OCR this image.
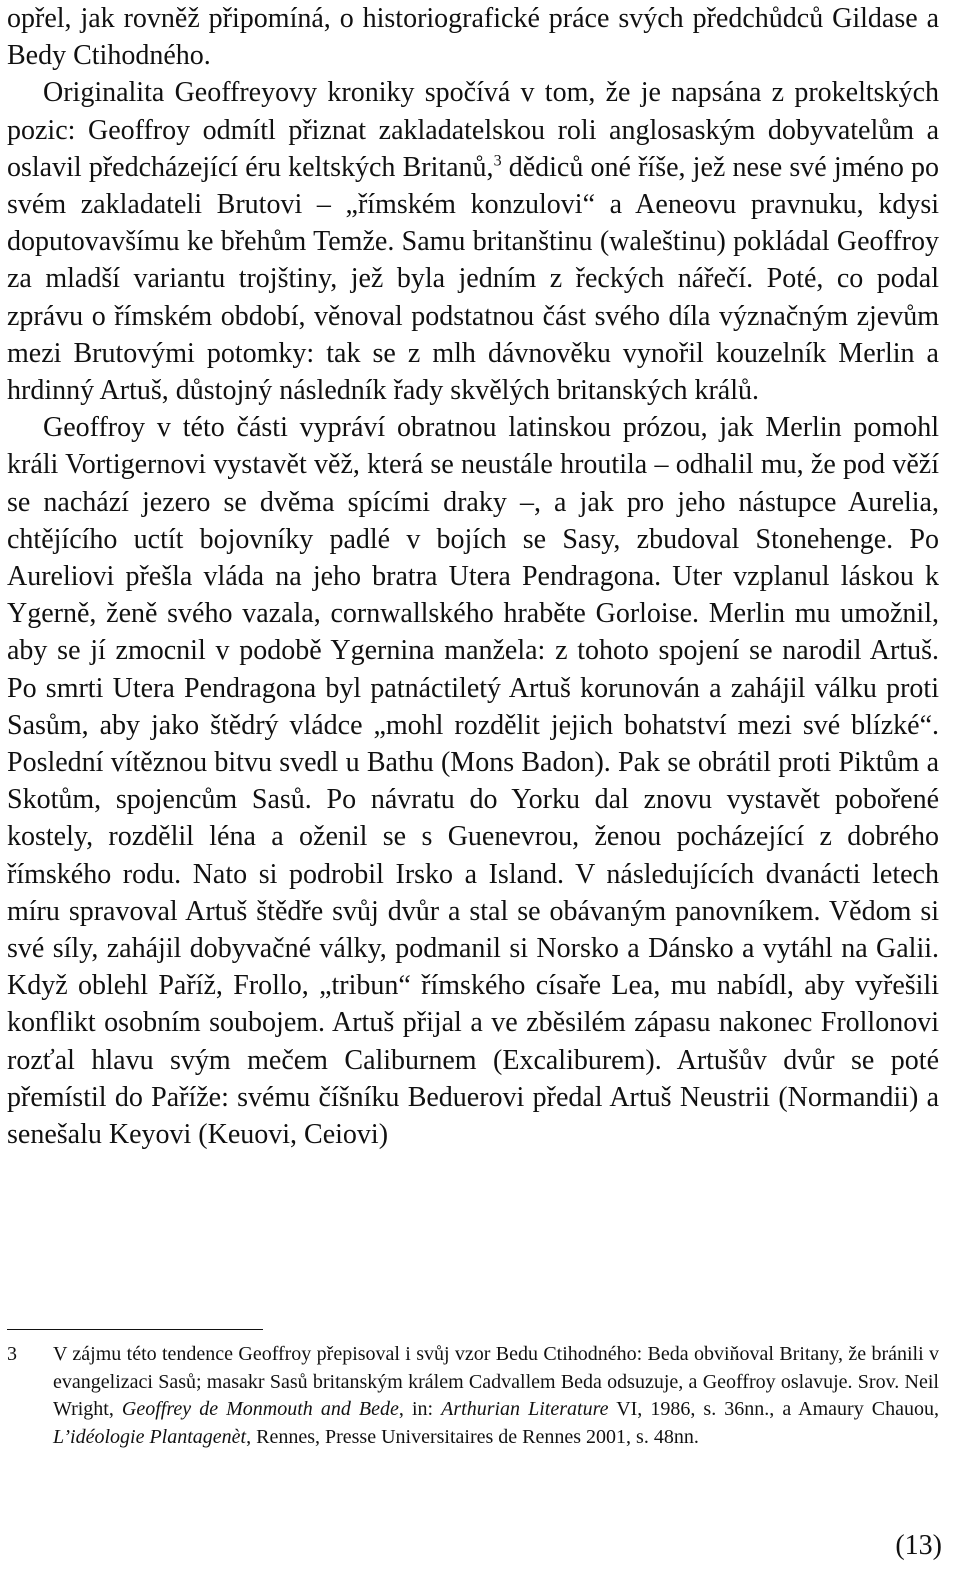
opřel, jak rovněž připomíná, o historiografické práce svých předchůdců Gildase a Bedy Ctihodného.

Originalita Geoffreyovy kroniky spočívá v tom, že je napsána z prokeltských pozic: Geoffroy odmítl přiznat zakladatelskou roli anglosaským dobyvatelům a oslavil předcházející éru keltských Britanů,$^3$ dědiců oné říše, jež nese své jméno po svém zakladateli Brutovi – „římském konzulovi“ a Aeneovu pravnuku, kdysi doputovavšímu ke břehům Temže. Samu britanštinu (waleštinu) pokládal Geoffroy za mladší variantu trojštiny, jež byla jedním z řeckých nářečí. Poté, co podal zprávu o římském období, věnoval podstatnou část svého díla význačným zjevům mezi Brutovými potomky: tak se z mlh dávnověku vynořil kouzelník Merlin a hrdinný Artuš, důstojný následník řady skvělých britanských králů.

Geoffroy v této části vypráví obratnou latinskou prózou, jak Merlin pomohl králi Vortigernovi vystavět věž, která se neustále hroutila – odhalil mu, že pod věží se nachází jezero se dvěma spícími draky –, a jak pro jeho nástupce Aurelia, chtějícího uctít bojovníky padlé v bojích se Sasy, zbudoval Stonehenge. Po Aureliovi přešla vláda na jeho bratra Utera Pendragona. Uter vzplanul láskou k Ygerně, ženě svého vazala, cornwallského hraběte Gorloise. Merlin mu umožnil, aby se jí zmocnil v podobě Ygernina manžela: z tohoto spojení se narodil Artuš. Po smrti Utera Pendragona byl patnáctiletý Artuš korunován a zahájil válku proti Sasům, aby jako štědrý vládce „mohl rozdělit jejich bohatství mezi své blízké“. Poslední vítěznou bitvu svedl u Bathu (Mons Badon). Pak se obrátil proti Piktům a Skotům, spojencům Sasů. Po návratu do Yorku dal znovu vystavět pobořené kostely, rozdělil léna a oženil se s Guenevrou, ženou pocházející z dobrého římského rodu. Nato si podrobil Irsko a Island. V následujících dvanácti letech míru spravoval Artuš štědře svůj dvůr a stal se obávaným panovníkem. Vědom si své síly, zahájil dobyvačné války, podmanil si Norsko a Dánsko a vytáhl na Galii. Když oblehl Paříž, Frollo, „tribun“ římského císaře Lea, mu nabídl, aby vyřešili konflikt osobním soubojem. Artuš přijal a ve zběsilém zápasu nakonec Frollonovi rozťal hlavu svým mečem Caliburnem (Excaliburem). Artušův dvůr se poté přemístil do Paříže: svému číšníku Beduerovi předal Artuš Neustrii (Normandii) a senešalu Keyovi (Keuovi, Ceiovi)

3 V zájmu této tendence Geoffroy přepisoval i svůj vzor Bedu Ctihodného: Beda obviňoval Britany, že bránili v evangelizaci Sasů; masakr Sasů britanským králem Cadvallem Beda odsuzuje, a Geoffroy oslavuje. Srov. Neil Wright, Geoffrey de Monmouth and Bede, in: Arthurian Literature VI, 1986, s. 36nn., a Amaury Chauou, L’idéologie Plantagenèt, Rennes, Presse Universitaires de Rennes 2001, s. 48nn.
(13)
